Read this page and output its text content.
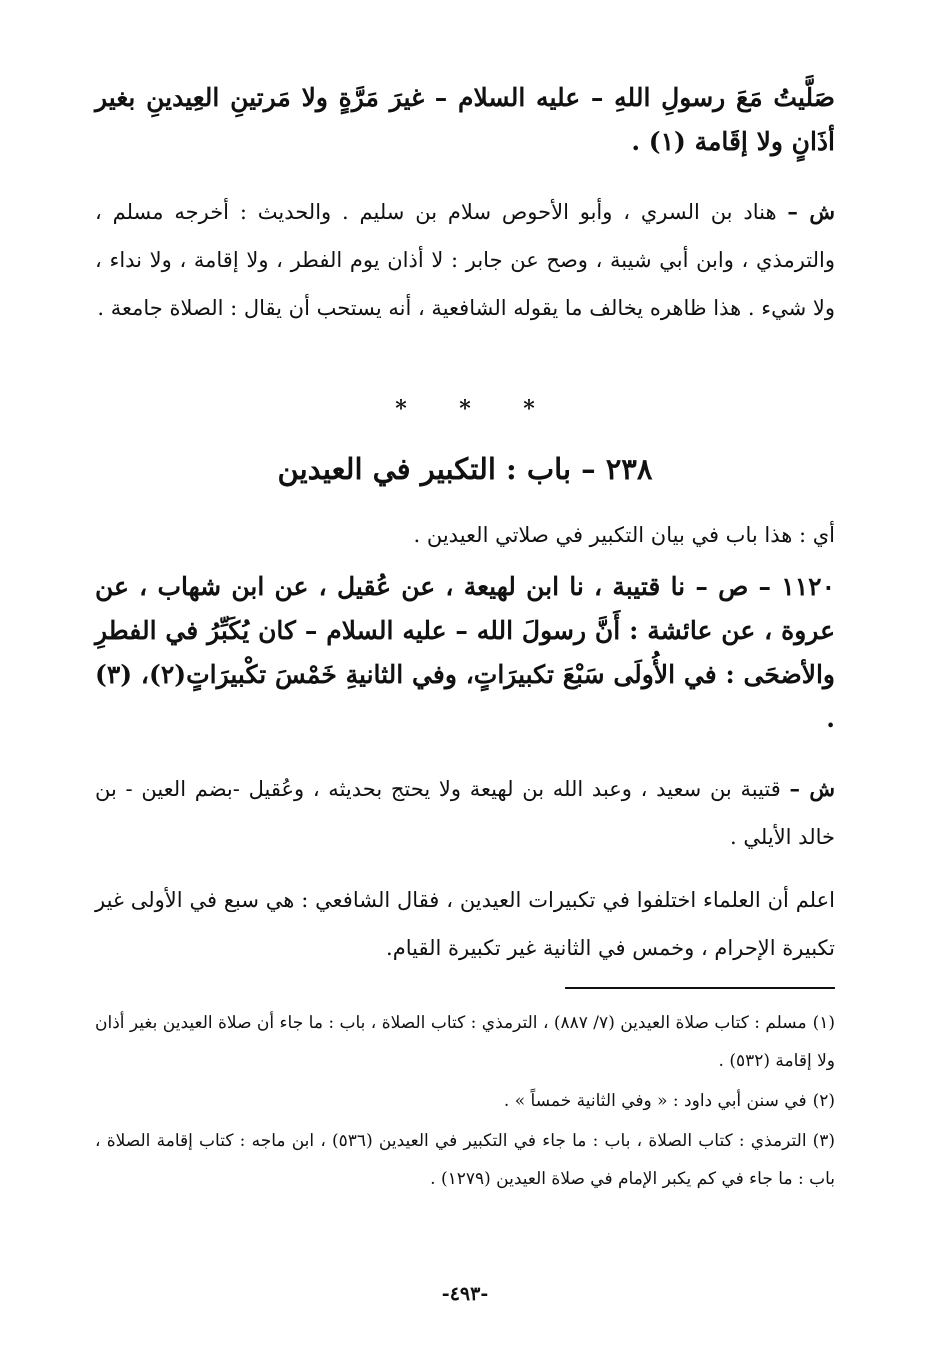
صَلَّيتُ مَعَ رسولِ اللهِ – عليه السلام – غيرَ مَرَّةٍ ولا مَرتينِ العِيدينِ بغير أذَانٍ ولا إقَامة (١) .

ش – هناد بن السري ، وأبو الأحوص سلام بن سليم . والحديث : أخرجه مسلم ، والترمذي ، وابن أبي شيبة ، وصح عن جابر : لا أذان يوم الفطر ، ولا إقامة ، ولا نداء ، ولا شيء . هذا ظاهره يخالف ما يقوله الشافعية ، أنه يستحب أن يقال : الصلاة جامعة .

* * *
٢٣٨ – باب : التكبير في العيدين

أي : هذا باب في بيان التكبير في صلاتي العيدين .

١١٢٠ – ص – نا قتيبة ، نا ابن لهيعة ، عن عُقيل ، عن ابن شهاب ، عن عروة ، عن عائشة : أَنَّ رسولَ الله – عليه السلام – كان يُكَبِّرُ في الفطرِ والأضحَى : في الأُولَى سَبْعَ تكبيرَاتٍ، وفي الثانيةِ خَمْسَ تكْبيرَاتٍ(٢)، (٣) .

ش – قتيبة بن سعيد ، وعبد الله بن لهيعة ولا يحتج بحديثه ، وعُقيل -بضم العين - بن خالد الأيلي .

اعلم أن العلماء اختلفوا في تكبيرات العيدين ، فقال الشافعي : هي سبع في الأولى غير تكبيرة الإحرام ، وخمس في الثانية غير تكبيرة القيام.

(١)مسلم : كتاب صلاة العيدين (٧/ ٨٨٧) ، الترمذي : كتاب الصلاة ، باب : ما جاء أن صلاة العيدين بغير أذان ولا إقامة (٥٣٢) .

(٢)في سنن أبي داود : « وفي الثانية خمساً » .

(٣)الترمذي : كتاب الصلاة ، باب : ما جاء في التكبير في العيدين (٥٣٦) ، ابن ماجه : كتاب إقامة الصلاة ، باب : ما جاء في كم يكبر الإمام في صلاة العيدين (١٢٧٩) .

-٤٩٣-
